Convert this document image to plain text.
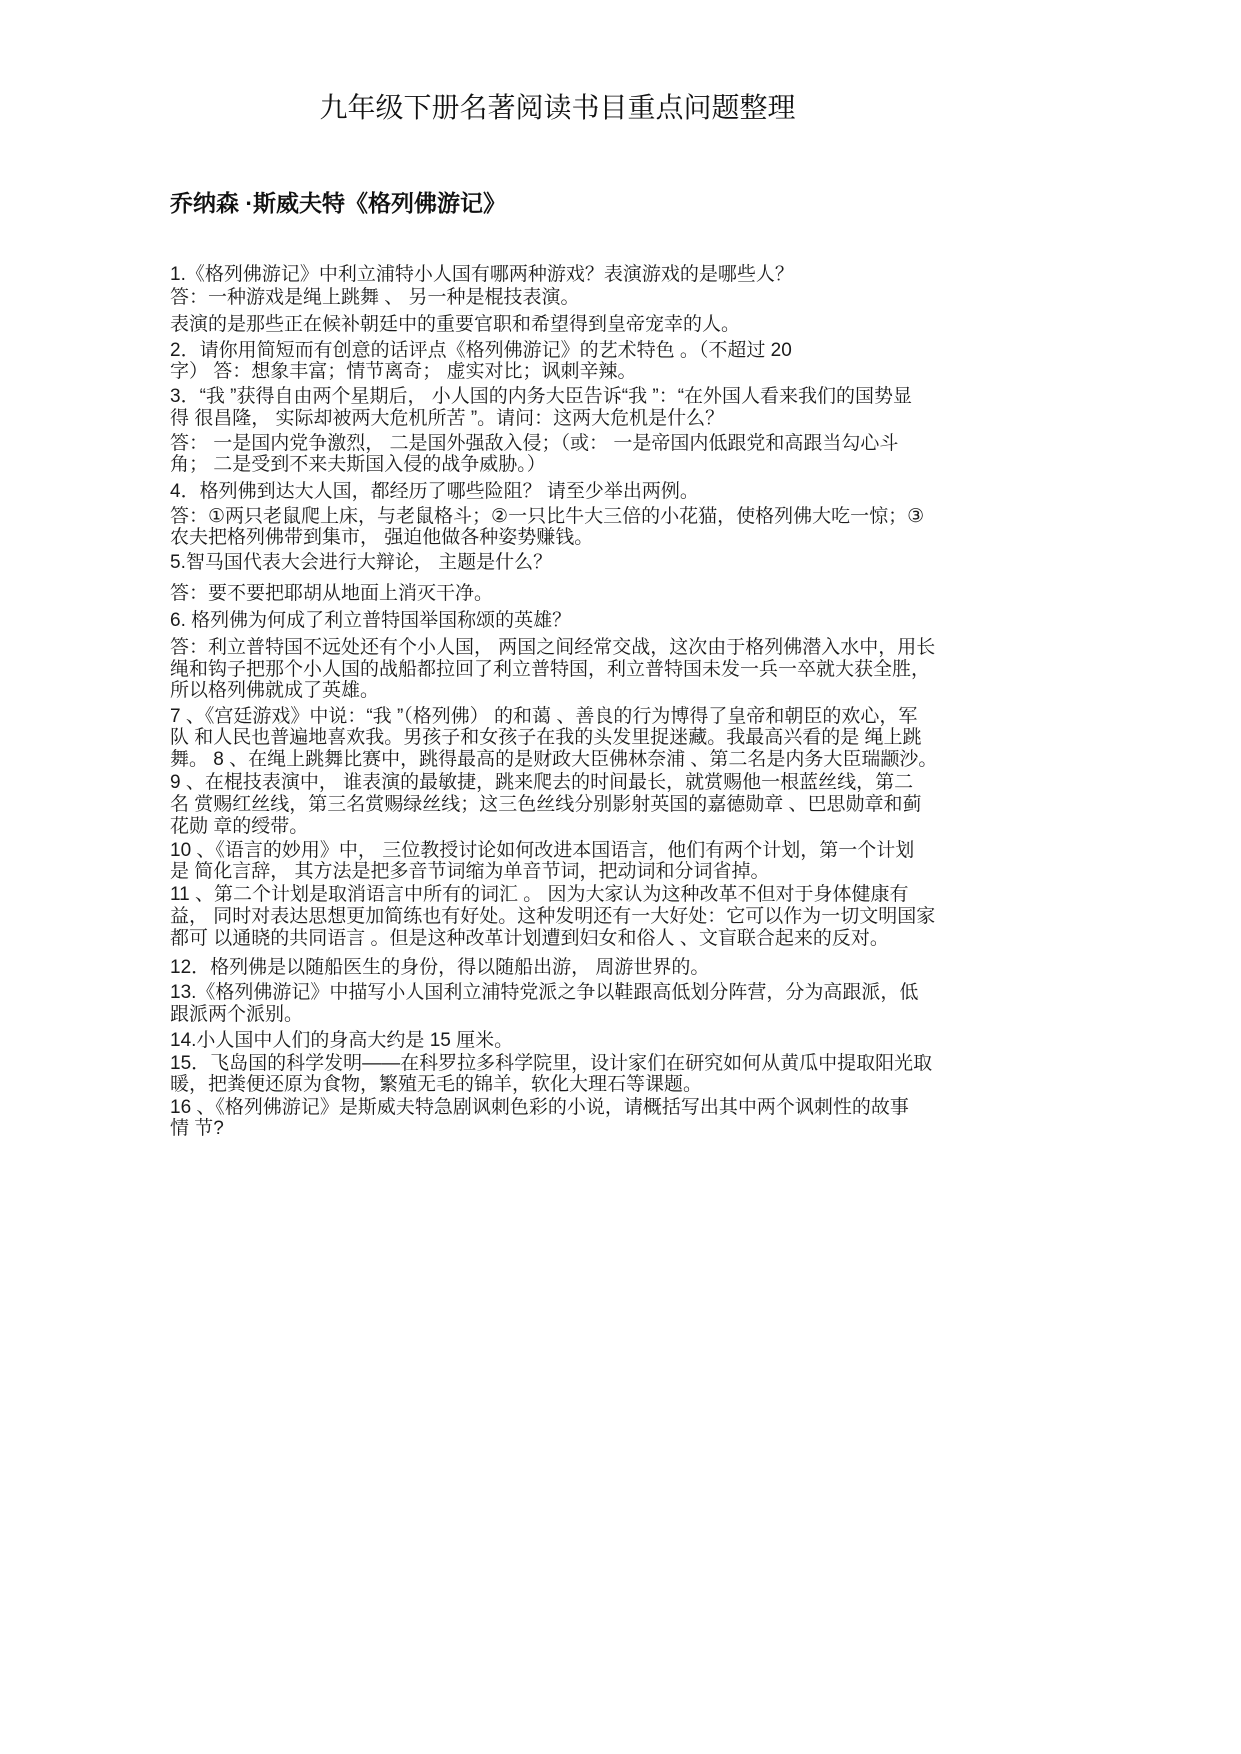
九年级下册名著阅读书目重点问题整理
乔纳森 ·斯威夫特《格列佛游记》
1.《格列佛游记》中利立浦特小人国有哪两种游戏？表演游戏的是哪些人？
答：一种游戏是绳上跳舞 、 另一种是棍技表演。
表演的是那些正在候补朝廷中的重要官职和希望得到皇帝宠幸的人。
2．请你用简短而有创意的话评点《格列佛游记》的艺术特色 。（不超过 20
字） 答：想象丰富；情节离奇； 虚实对比；讽刺辛辣。
3．“我 ”获得自由两个星期后， 小人国的内务大臣告诉“我 ”：“在外国人看来我们的国势显
得 很昌隆， 实际却被两大危机所苦 ”。请问：这两大危机是什么？
答： 一是国内党争激烈， 二是国外强敌入侵；（或： 一是帝国内低跟党和高跟当勾心斗
角； 二是受到不来夫斯国入侵的战争威胁。）
4．格列佛到达大人国，都经历了哪些险阻？ 请至少举出两例。
答：①两只老鼠爬上床，与老鼠格斗；②一只比牛大三倍的小花猫，使格列佛大吃一惊；③
农夫把格列佛带到集市， 强迫他做各种姿势赚钱。
5.智马国代表大会进行大辩论， 主题是什么？
答：要不要把耶胡从地面上消灭干净。
6. 格列佛为何成了利立普特国举国称颂的英雄？
答：利立普特国不远处还有个小人国， 两国之间经常交战，这次由于格列佛潜入水中，用长
绳和钩子把那个小人国的战船都拉回了利立普特国，利立普特国未发一兵一卒就大获全胜，
所以格列佛就成了英雄。
7 、《宫廷游戏》中说：“我 ”（格列佛） 的和蔼 、善良的行为博得了皇帝和朝臣的欢心，军
队 和人民也普遍地喜欢我。男孩子和女孩子在我的头发里捉迷藏。我最高兴看的是 绳上跳
舞。 8 、在绳上跳舞比赛中，跳得最高的是财政大臣佛林奈浦 、第二名是内务大臣瑞颛沙。
9 、在棍技表演中， 谁表演的最敏捷，跳来爬去的时间最长，就赏赐他一根蓝丝线，第二
名 赏赐红丝线，第三名赏赐绿丝线；这三色丝线分别影射英国的嘉德勋章 、巴思勋章和蓟
花勋 章的绶带。
10 、《语言的妙用》中， 三位教授讨论如何改进本国语言，他们有两个计划，第一个计划
是 简化言辞， 其方法是把多音节词缩为单音节词，把动词和分词省掉。
11 、第二个计划是取消语言中所有的词汇 。 因为大家认为这种改革不但对于身体健康有
益， 同时对表达思想更加简练也有好处。这种发明还有一大好处：它可以作为一切文明国家
都可 以通晓的共同语言 。但是这种改革计划遭到妇女和俗人 、文盲联合起来的反对。
12．格列佛是以随船医生的身份，得以随船出游， 周游世界的。
13.《格列佛游记》中描写小人国利立浦特党派之争以鞋跟高低划分阵营，分为高跟派，低
跟派两个派别。
14.小人国中人们的身高大约是 15 厘米。
15．飞岛国的科学发明——在科罗拉多科学院里，设计家们在研究如何从黄瓜中提取阳光取
暖，把粪便还原为食物，繁殖无毛的锦羊，软化大理石等课题。
16 、《格列佛游记》是斯威夫特急剧讽刺色彩的小说，请概括写出其中两个讽刺性的故事
情 节?
